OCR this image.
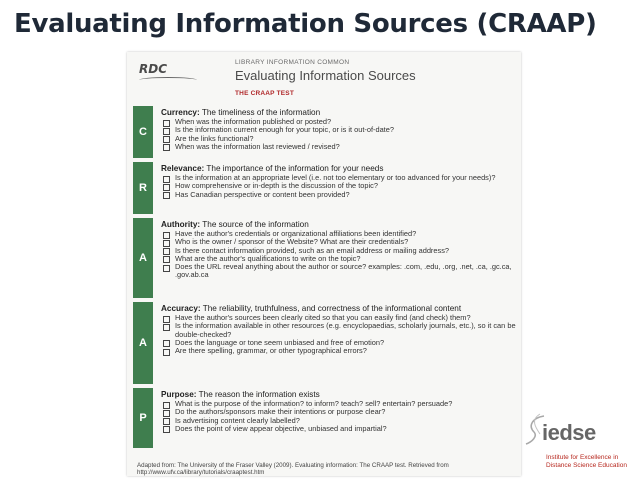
Evaluating Information Sources (CRAAP)
RDC	LIBRARY INFORMATION COMMON
Evaluating Information Sources
THE CRAAP TEST
C
Currency: The timeliness of the information
When was the information published or posted?
Is the information current enough for your topic, or is it out-of-date?
Are the links functional?
When was the information last reviewed / revised?
R
Relevance: The importance of the information for your needs
Is the information at an appropriate level (i.e. not too elementary or too advanced for your needs)?
How comprehensive or in-depth is the discussion of the topic?
Has Canadian perspective or content been provided?
A
Authority: The source of the information
Have the author's credentials or organizational affiliations been identified?
Who is the owner / sponsor of the Website? What are their credentials?
Is there contact information provided, such as an email address or mailing address?
What are the author's qualifications to write on the topic?
Does the URL reveal anything about the author or source? examples: .com, .edu, .org, .net, .ca, .gc.ca, .gov.ab.ca
A
Accuracy: The reliability, truthfulness, and correctness of the informational content
Have the author's sources been clearly cited so that you can easily find (and check) them?
Is the information available in other resources (e.g. encyclopaedias, scholarly journals, etc.), so it can be double-checked?
Does the language or tone seem unbiased and free of emotion?
Are there spelling, grammar, or other typographical errors?
P
Purpose: The reason the information exists
What is the purpose of the information? to inform? teach? sell? entertain? persuade?
Do the authors/sponsors make their intentions or purpose clear?
Is advertising content clearly labelled?
Does the point of view appear objective, unbiased and impartial?
Adapted from: The University of the Fraser Valley (2009). Evaluating information: The CRAAP test. Retrieved from
http://www.ufv.ca/library/tutorials/craaptest.htm
iedse
Institute for Excellence in
Distance Science Education
